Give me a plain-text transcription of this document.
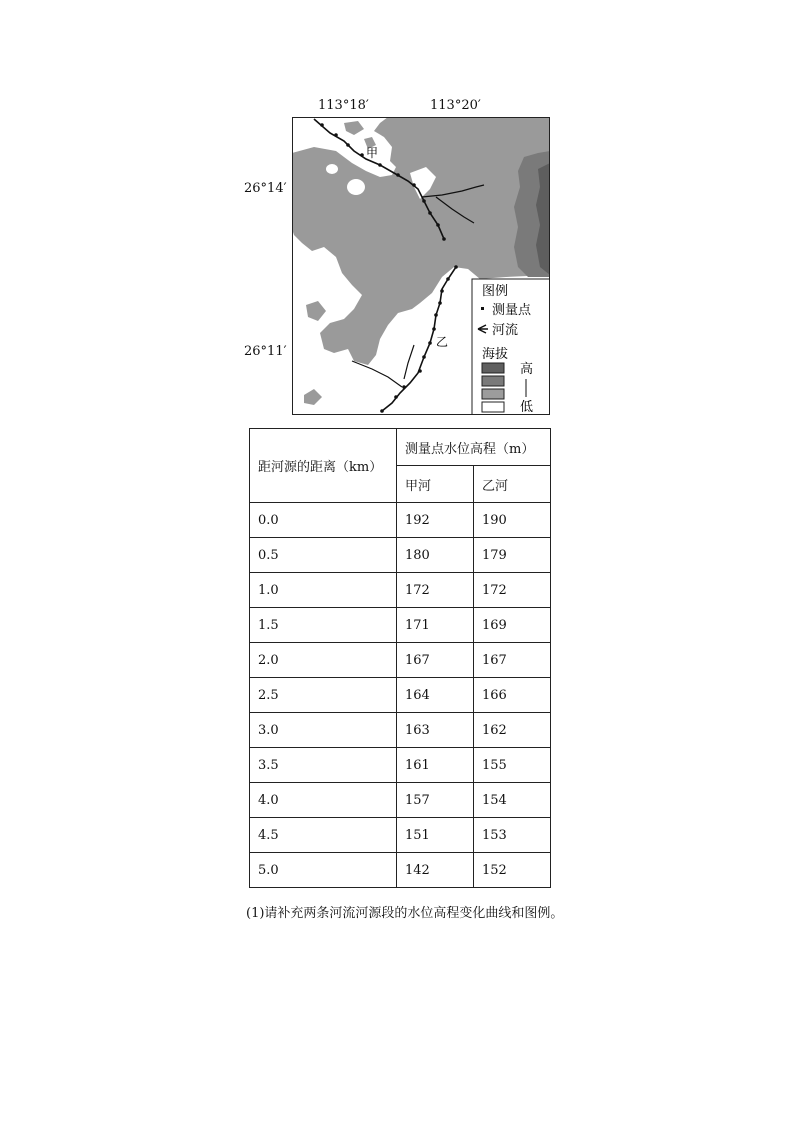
113°18′	113°20′
26°14′
26°11′
图例
测量点
河流
海拔
高
低
甲
乙
距河源的距离（km）	测量点水位高程（m）	
	甲河	乙河
0.0	192	190
0.5	180	179
1.0	172	172
1.5	171	169
2.0	167	167
2.5	164	166
3.0	163	162
3.5	161	155
4.0	157	154
4.5	151	153
5.0	142	152
(1)请补充两条河流河源段的水位高程变化曲线和图例。
